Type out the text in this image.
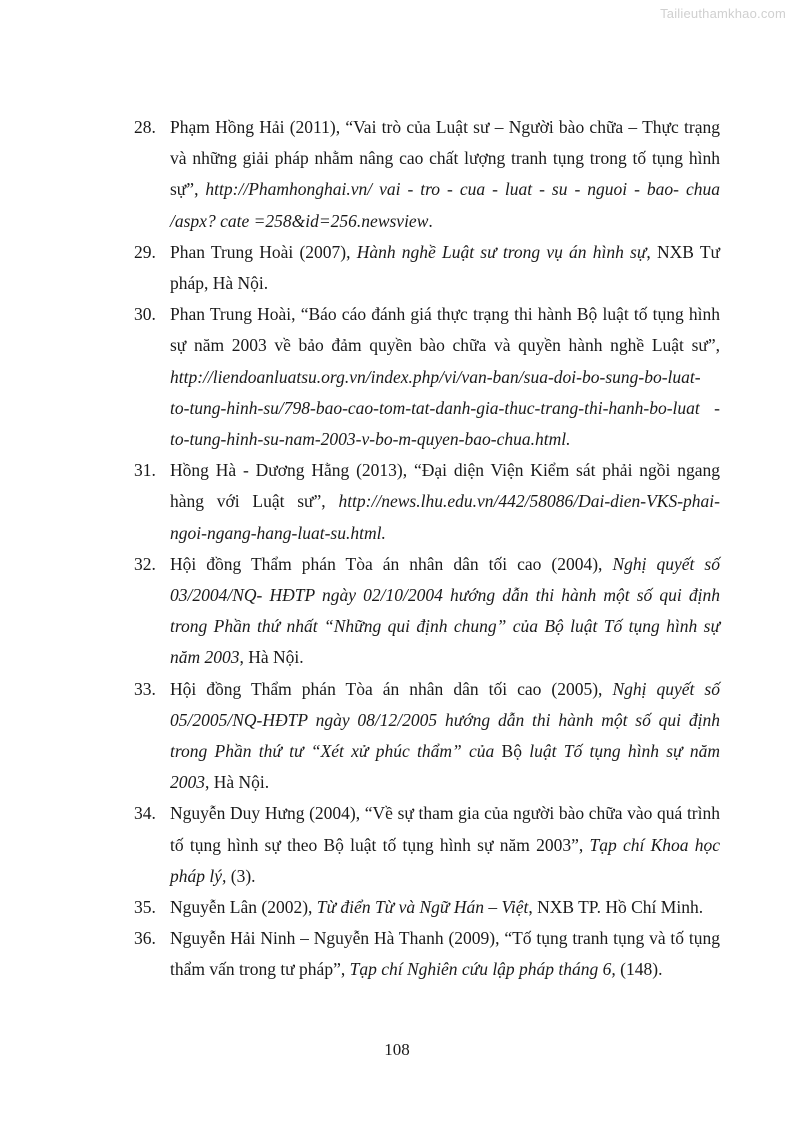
Tailieuthamkhao.com
28. Phạm Hồng Hải (2011), “Vai trò của Luật sư – Người bào chữa – Thực trạng và những giải pháp nhằm nâng cao chất lượng tranh tụng trong tố tụng hình sự”, http://Phamhonghai.vn/ vai - tro - cua - luat - su - nguoi - bao- chua /aspx? cate =258&id=256.newsview.
29. Phan Trung Hoài (2007), Hành nghề Luật sư trong vụ án hình sự, NXB Tư pháp, Hà Nội.
30. Phan Trung Hoài, “Báo cáo đánh giá thực trạng thi hành Bộ luật tố tụng hình sự năm 2003 về bảo đảm quyền bào chữa và quyền hành nghề Luật sư”, http://liendoanluatsu.org.vn/index.php/vi/van-ban/sua-doi-bo-sung-bo-luat-to-tung-hinh-su/798-bao-cao-tom-tat-danh-gia-thuc-trang-thi-hanh-bo-luat - to-tung-hinh-su-nam-2003-v-bo-m-quyen-bao-chua.html.
31. Hồng Hà - Dương Hằng (2013), “Đại diện Viện Kiểm sát phải ngồi ngang hàng với Luật sư”, http://news.lhu.edu.vn/442/58086/Dai-dien-VKS-phai-ngoi-ngang-hang-luat-su.html.
32. Hội đồng Thẩm phán Tòa án nhân dân tối cao (2004), Nghị quyết số 03/2004/NQ- HĐTP ngày 02/10/2004 hướng dẫn thi hành một số qui định trong Phần thứ nhất “Những qui định chung” của Bộ luật Tố tụng hình sự năm 2003, Hà Nội.
33. Hội đồng Thẩm phán Tòa án nhân dân tối cao (2005), Nghị quyết số 05/2005/NQ-HĐTP ngày 08/12/2005 hướng dẫn thi hành một số qui định trong Phần thứ tư “Xét xử phúc thẩm” của Bộ luật Tố tụng hình sự năm 2003, Hà Nội.
34. Nguyễn Duy Hưng (2004), “Về sự tham gia của người bào chữa vào quá trình tố tụng hình sự theo Bộ luật tố tụng hình sự năm 2003”, Tạp chí Khoa học pháp lý, (3).
35. Nguyễn Lân (2002), Từ điển Từ và Ngữ Hán – Việt, NXB TP. Hồ Chí Minh.
36. Nguyễn Hải Ninh – Nguyễn Hà Thanh (2009), “Tố tụng tranh tụng và tố tụng thẩm vấn trong tư pháp”, Tạp chí Nghiên cứu lập pháp tháng 6, (148).
108
